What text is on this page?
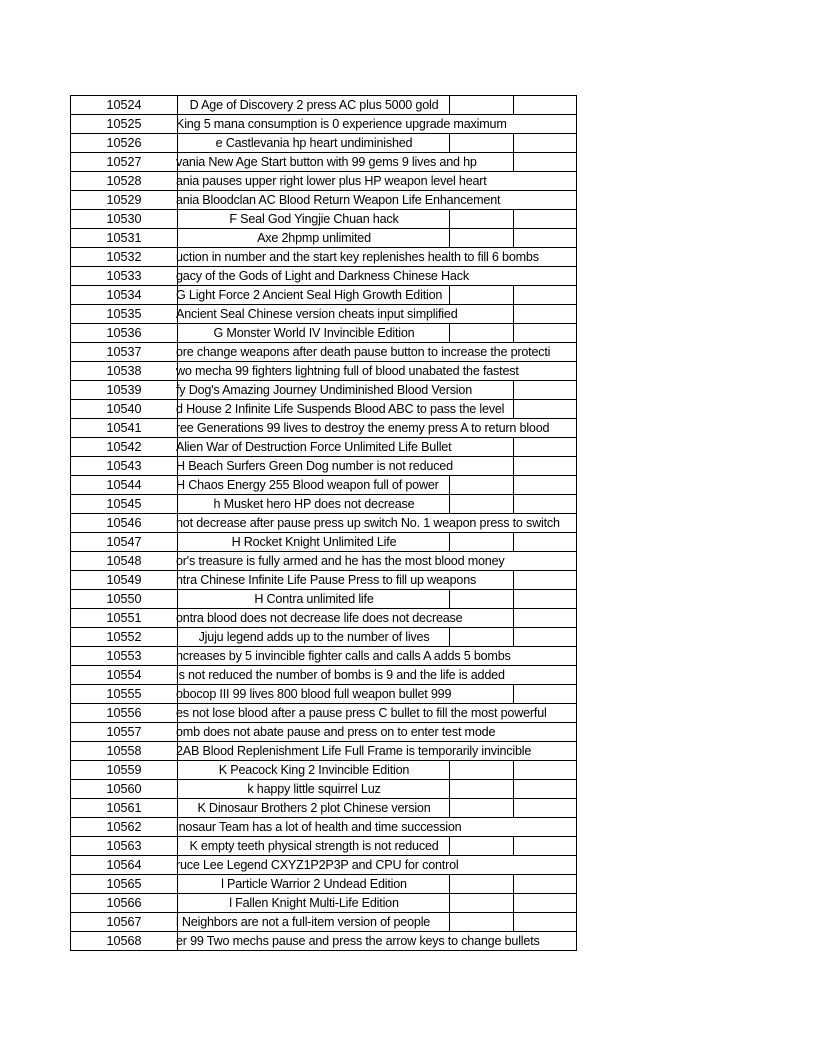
10524	D Age of Discovery 2 press AC plus 5000 gold
10525	King 5 mana consumption is 0 experience upgrade maximum
10526	e Castlevania hp heart undiminished
10527	vania New Age Start button with 99 gems 9 lives and hp
10528	ania pauses upper right lower plus HP weapon level heart
10529	ania Bloodclan AC Blood Return Weapon Life Enhancement
10530	F Seal God Yingjie Chuan hack
10531	Axe 2hpmp unlimited
10532	uction in number and the start key replenishes health to fill 6 bombs
10533	gacy of the Gods of Light and Darkness Chinese Hack
10534	G Light Force 2 Ancient Seal High Growth Edition
10535	Ancient Seal Chinese version cheats input simplified
10536	G Monster World IV Invincible Edition
10537	ore change weapons after death pause button to increase the protecti
10538	wo mecha 99 fighters lightning full of blood unabated the fastest
10539	fy Dog's Amazing Journey Undiminished Blood Version
10540	d House 2 Infinite Life Suspends Blood ABC to pass the level
10541	ree Generations 99 lives to destroy the enemy press A to return blood
10542	Alien War of Destruction Force Unlimited Life Bullet
10543	H Beach Surfers Green Dog number is not reduced
10544	H Chaos Energy 255 Blood weapon full of power
10545	h Musket hero HP does not decrease
10546	not decrease after pause press up switch No. 1 weapon press to switch
10547	H Rocket Knight Unlimited Life
10548	or's treasure is fully armed and he has the most blood money
10549	ntra Chinese Infinite Life Pause Press to fill up weapons
10550	H Contra unlimited life
10551	ontra blood does not decrease life does not decrease
10552	Jjuju legend adds up to the number of lives
10553	ncreases by 5 invincible fighter calls and calls A adds 5 bombs
10554	is not reduced the number of bombs is 9 and the life is added
10555	obocop III 99 lives 800 blood full weapon bullet 999
10556	es not lose blood after a pause press C bullet to fill the most powerful
10557	omb does not abate pause and press on to enter test mode
10558	2AB Blood Replenishment Life Full Frame is temporarily invincible
10559	K Peacock King 2 Invincible Edition
10560	k happy little squirrel Luz
10561	K Dinosaur Brothers 2 plot Chinese version
10562	inosaur Team has a lot of health and time succession
10563	K empty teeth physical strength is not reduced
10564	ruce Lee Legend CXYZ1P2P3P and CPU for control
10565	l Particle Warrior 2 Undead Edition
10566	l Fallen Knight Multi-Life Edition
10567	l Neighbors are not a full-item version of people
10568	er 99 Two mechs pause and press the arrow keys to change bullets
